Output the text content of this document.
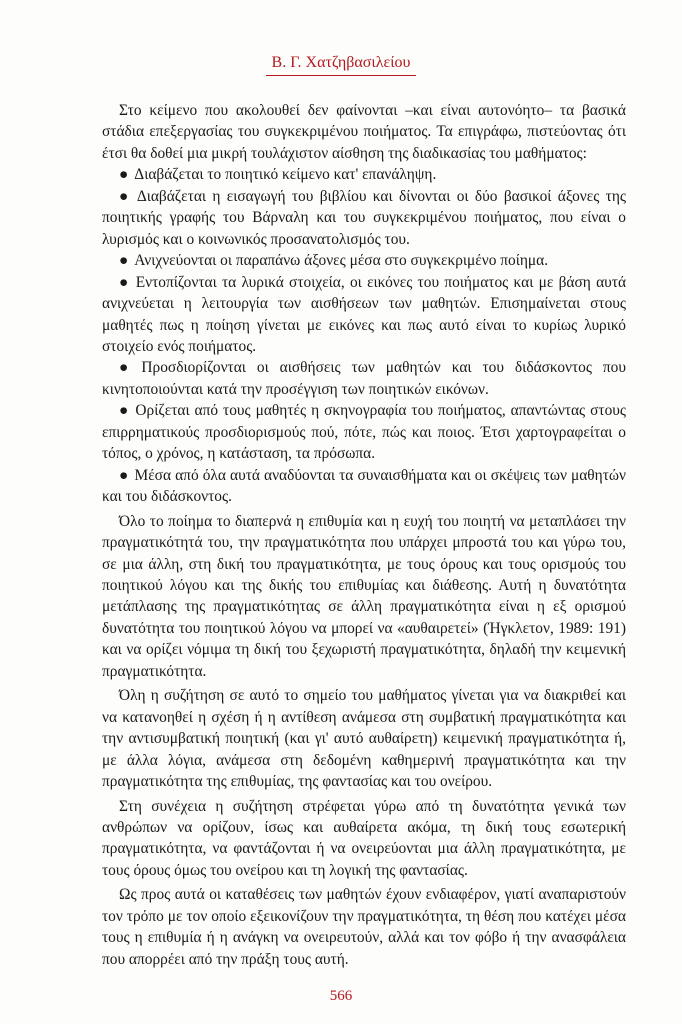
Β. Γ. Χατζηβασιλείου

Στο κείμενο που ακολουθεί δεν φαίνονται –και είναι αυτονόητο– τα βασικά στάδια επεξεργασίας του συγκεκριμένου ποιήματος. Τα επιγράφω, πιστεύοντας ότι έτσι θα δοθεί μια μικρή τουλάχιστον αίσθηση της διαδικασίας του μαθήματος:

● Διαβάζεται το ποιητικό κείμενο κατ' επανάληψη.

● Διαβάζεται η εισαγωγή του βιβλίου και δίνονται οι δύο βασικοί άξονες της ποιητικής γραφής του Βάρναλη και του συγκεκριμένου ποιήματος, που είναι ο λυρισμός και ο κοινωνικός προσανατολισμός του.

● Ανιχνεύονται οι παραπάνω άξονες μέσα στο συγκεκριμένο ποίημα.

● Εντοπίζονται τα λυρικά στοιχεία, οι εικόνες του ποιήματος και με βάση αυτά ανιχνεύεται η λειτουργία των αισθήσεων των μαθητών. Επισημαίνεται στους μαθητές πως η ποίηση γίνεται με εικόνες και πως αυτό είναι το κυρίως λυρικό στοιχείο ενός ποιήματος.

● Προσδιορίζονται οι αισθήσεις των μαθητών και του διδάσκοντος που κινητοποιούνται κατά την προσέγγιση των ποιητικών εικόνων.

● Ορίζεται από τους μαθητές η σκηνογραφία του ποιήματος, απαντώντας στους επιρρηματικούς προσδιορισμούς πού, πότε, πώς και ποιος. Έτσι χαρτογραφείται ο τόπος, ο χρόνος, η κατάσταση, τα πρόσωπα.

● Μέσα από όλα αυτά αναδύονται τα συναισθήματα και οι σκέψεις των μαθητών και του διδάσκοντος.

Όλο το ποίημα το διαπερνά η επιθυμία και η ευχή του ποιητή να μεταπλάσει την πραγματικότητά του, την πραγματικότητα που υπάρχει μπροστά του και γύρω του, σε μια άλλη, στη δική του πραγματικότητα, με τους όρους και τους ορισμούς του ποιητικού λόγου και της δικής του επιθυμίας και διάθεσης. Αυτή η δυνατότητα μετάπλασης της πραγματικότητας σε άλλη πραγματικότητα είναι η εξ ορισμού δυνατότητα του ποιητικού λόγου να μπορεί να «αυθαιρετεί» (Ήγκλετον, 1989: 191) και να ορίζει νόμιμα τη δική του ξεχωριστή πραγματικότητα, δηλαδή την κειμενική πραγματικότητα.

Όλη η συζήτηση σε αυτό το σημείο του μαθήματος γίνεται για να διακριθεί και να κατανοηθεί η σχέση ή η αντίθεση ανάμεσα στη συμβατική πραγματικότητα και την αντισυμβατική ποιητική (και γι' αυτό αυθαίρετη) κειμενική πραγματικότητα ή, με άλλα λόγια, ανάμεσα στη δεδομένη καθημερινή πραγματικότητα και την πραγματικότητα της επιθυμίας, της φαντασίας και του ονείρου.

Στη συνέχεια η συζήτηση στρέφεται γύρω από τη δυνατότητα γενικά των ανθρώπων να ορίζουν, ίσως και αυθαίρετα ακόμα, τη δική τους εσωτερική πραγματικότητα, να φαντάζονται ή να ονειρεύονται μια άλλη πραγματικότητα, με τους όρους όμως του ονείρου και τη λογική της φαντασίας.

Ως προς αυτά οι καταθέσεις των μαθητών έχουν ενδιαφέρον, γιατί αναπαριστούν τον τρόπο με τον οποίο εξεικονίζουν την πραγματικότητα, τη θέση που κατέχει μέσα τους η επιθυμία ή η ανάγκη να ονειρευτούν, αλλά και τον φόβο ή την ανασφάλεια που απορρέει από την πράξη τους αυτή.

566
